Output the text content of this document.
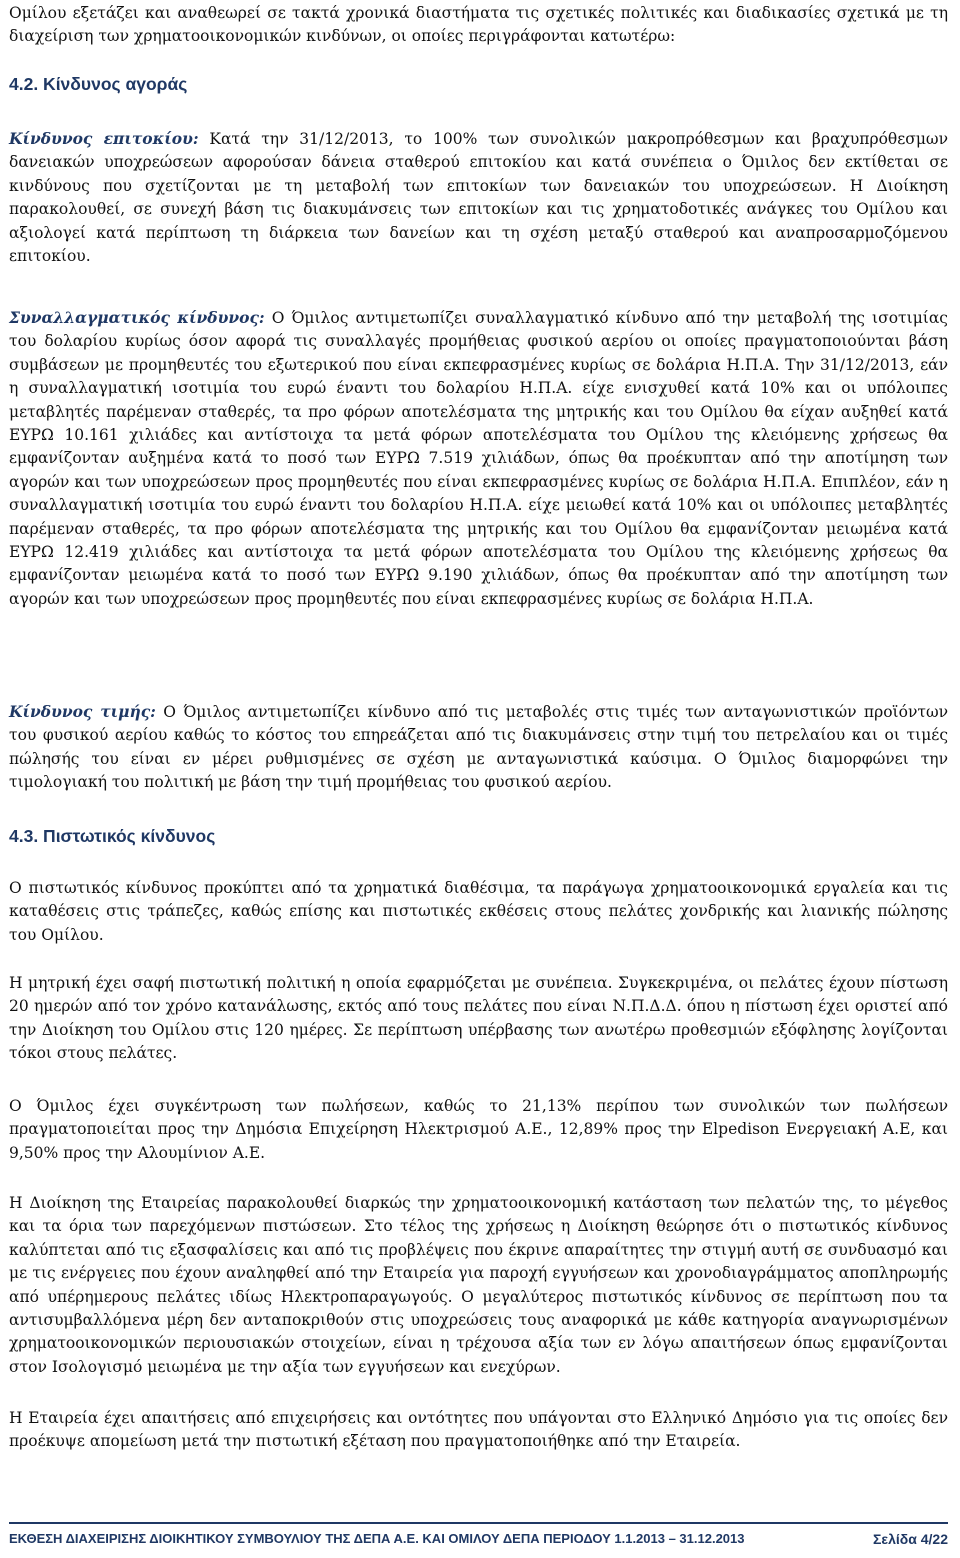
Ομίλου εξετάζει και αναθεωρεί σε τακτά χρονικά διαστήματα τις σχετικές πολιτικές και διαδικασίες σχετικά με τη διαχείριση των χρηματοοικονομικών κινδύνων, οι οποίες περιγράφονται κατωτέρω:

4.2. Κίνδυνος αγοράς

Κίνδυνος επιτοκίου: Κατά την 31/12/2013, το 100% των συνολικών μακροπρόθεσμων και βραχυπρόθεσμων δανειακών υποχρεώσεων αφορούσαν δάνεια σταθερού επιτοκίου και κατά συνέπεια ο Όμιλος δεν εκτίθεται σε κινδύνους που σχετίζονται με τη μεταβολή των επιτοκίων των δανειακών του υποχρεώσεων. Η Διοίκηση παρακολουθεί, σε συνεχή βάση τις διακυμάνσεις των επιτοκίων και τις χρηματοδοτικές ανάγκες του Ομίλου και αξιολογεί κατά περίπτωση τη διάρκεια των δανείων και τη σχέση μεταξύ σταθερού και αναπροσαρμοζόμενου επιτοκίου.

Συναλλαγματικός κίνδυνος: Ο Όμιλος αντιμετωπίζει συναλλαγματικό κίνδυνο από την μεταβολή της ισοτιμίας του δολαρίου κυρίως όσον αφορά τις συναλλαγές προμήθειας φυσικού αερίου οι οποίες πραγματοποιούνται βάση συμβάσεων με προμηθευτές του εξωτερικού που είναι εκπεφρασμένες κυρίως σε δολάρια Η.Π.Α. Την 31/12/2013, εάν η συναλλαγματική ισοτιμία του ευρώ έναντι του δολαρίου Η.Π.Α. είχε ενισχυθεί κατά 10% και οι υπόλοιπες μεταβλητές παρέμεναν σταθερές, τα προ φόρων αποτελέσματα της μητρικής και του Ομίλου θα είχαν αυξηθεί κατά ΕΥΡΩ 10.161 χιλιάδες και αντίστοιχα τα μετά φόρων αποτελέσματα του Ομίλου της κλειόμενης χρήσεως θα εμφανίζονταν αυξημένα κατά το ποσό των ΕΥΡΩ 7.519 χιλιάδων, όπως θα προέκυπταν από την αποτίμηση των αγορών και των υποχρεώσεων προς προμηθευτές που είναι εκπεφρασμένες κυρίως σε δολάρια Η.Π.Α. Επιπλέον, εάν η συναλλαγματική ισοτιμία του ευρώ έναντι του δολαρίου Η.Π.Α. είχε μειωθεί κατά 10% και οι υπόλοιπες μεταβλητές παρέμεναν σταθερές, τα προ φόρων αποτελέσματα της μητρικής και του Ομίλου θα εμφανίζονταν μειωμένα κατά ΕΥΡΩ 12.419 χιλιάδες και αντίστοιχα τα μετά φόρων αποτελέσματα του Ομίλου της κλειόμενης χρήσεως θα εμφανίζονταν μειωμένα κατά το ποσό των ΕΥΡΩ 9.190 χιλιάδων, όπως θα προέκυπταν από την αποτίμηση των αγορών και των υποχρεώσεων προς προμηθευτές που είναι εκπεφρασμένες κυρίως σε δολάρια Η.Π.Α.

Κίνδυνος τιμής: Ο Όμιλος αντιμετωπίζει κίνδυνο από τις μεταβολές στις τιμές των ανταγωνιστικών προϊόντων του φυσικού αερίου καθώς το κόστος του επηρεάζεται από τις διακυμάνσεις στην τιμή του πετρελαίου και οι τιμές πώλησής του είναι εν μέρει ρυθμισμένες σε σχέση με ανταγωνιστικά καύσιμα. Ο Όμιλος διαμορφώνει την τιμολογιακή του πολιτική με βάση την τιμή προμήθειας του φυσικού αερίου.

4.3. Πιστωτικός κίνδυνος

Ο πιστωτικός κίνδυνος προκύπτει από τα χρηματικά διαθέσιμα, τα παράγωγα χρηματοοικονομικά εργαλεία και τις καταθέσεις στις τράπεζες, καθώς επίσης και πιστωτικές εκθέσεις στους πελάτες χονδρικής και λιανικής πώλησης του Ομίλου.

Η μητρική έχει σαφή πιστωτική πολιτική η οποία εφαρμόζεται με συνέπεια. Συγκεκριμένα, οι πελάτες έχουν πίστωση 20 ημερών από τον χρόνο κατανάλωσης, εκτός από τους πελάτες που είναι Ν.Π.Δ.Δ. όπου η πίστωση έχει οριστεί από την Διοίκηση του Ομίλου στις 120 ημέρες. Σε περίπτωση υπέρβασης των ανωτέρω προθεσμιών εξόφλησης λογίζονται τόκοι στους πελάτες.

Ο Όμιλος έχει συγκέντρωση των πωλήσεων, καθώς το 21,13% περίπου των συνολικών των πωλήσεων πραγματοποιείται προς την Δημόσια Επιχείρηση Ηλεκτρισμού Α.Ε., 12,89% προς την Elpedison Ενεργειακή Α.Ε, και 9,50% προς την Αλουμίνιον Α.Ε.

Η Διοίκηση της Εταιρείας παρακολουθεί διαρκώς την χρηματοοικονομική κατάσταση των πελατών της, το μέγεθος και τα όρια των παρεχόμενων πιστώσεων. Στο τέλος της χρήσεως η Διοίκηση θεώρησε ότι ο πιστωτικός κίνδυνος καλύπτεται από τις εξασφαλίσεις και από τις προβλέψεις που έκρινε απαραίτητες την στιγμή αυτή σε συνδυασμό και με τις ενέργειες που έχουν αναληφθεί από την Εταιρεία για παροχή εγγυήσεων και χρονοδιαγράμματος αποπληρωμής από υπέρημερους πελάτες ιδίως Ηλεκτροπαραγωγούς. Ο μεγαλύτερος πιστωτικός κίνδυνος σε περίπτωση που τα αντισυμβαλλόμενα μέρη δεν ανταποκριθούν στις υποχρεώσεις τους αναφορικά με κάθε κατηγορία αναγνωρισμένων χρηματοοικονομικών περιουσιακών στοιχείων, είναι η τρέχουσα αξία των εν λόγω απαιτήσεων όπως εμφανίζονται στον Ισολογισμό μειωμένα με την αξία των εγγυήσεων και ενεχύρων.

Η Εταιρεία έχει απαιτήσεις από επιχειρήσεις και οντότητες που υπάγονται στο Ελληνικό Δημόσιο για τις οποίες δεν προέκυψε απομείωση μετά την πιστωτική εξέταση που πραγματοποιήθηκε από την Εταιρεία.

ΕΚΘΕΣΗ ΔΙΑΧΕΙΡΙΣΗΣ ΔΙΟΙΚΗΤΙΚΟΥ ΣΥΜΒΟΥΛΙΟΥ ΤΗΣ ΔΕΠΑ Α.Ε. ΚΑΙ ΟΜΙΛΟΥ ΔΕΠΑ ΠΕΡΙΟΔΟΥ 1.1.2013 – 31.12.2013	Σελίδα 4/22
